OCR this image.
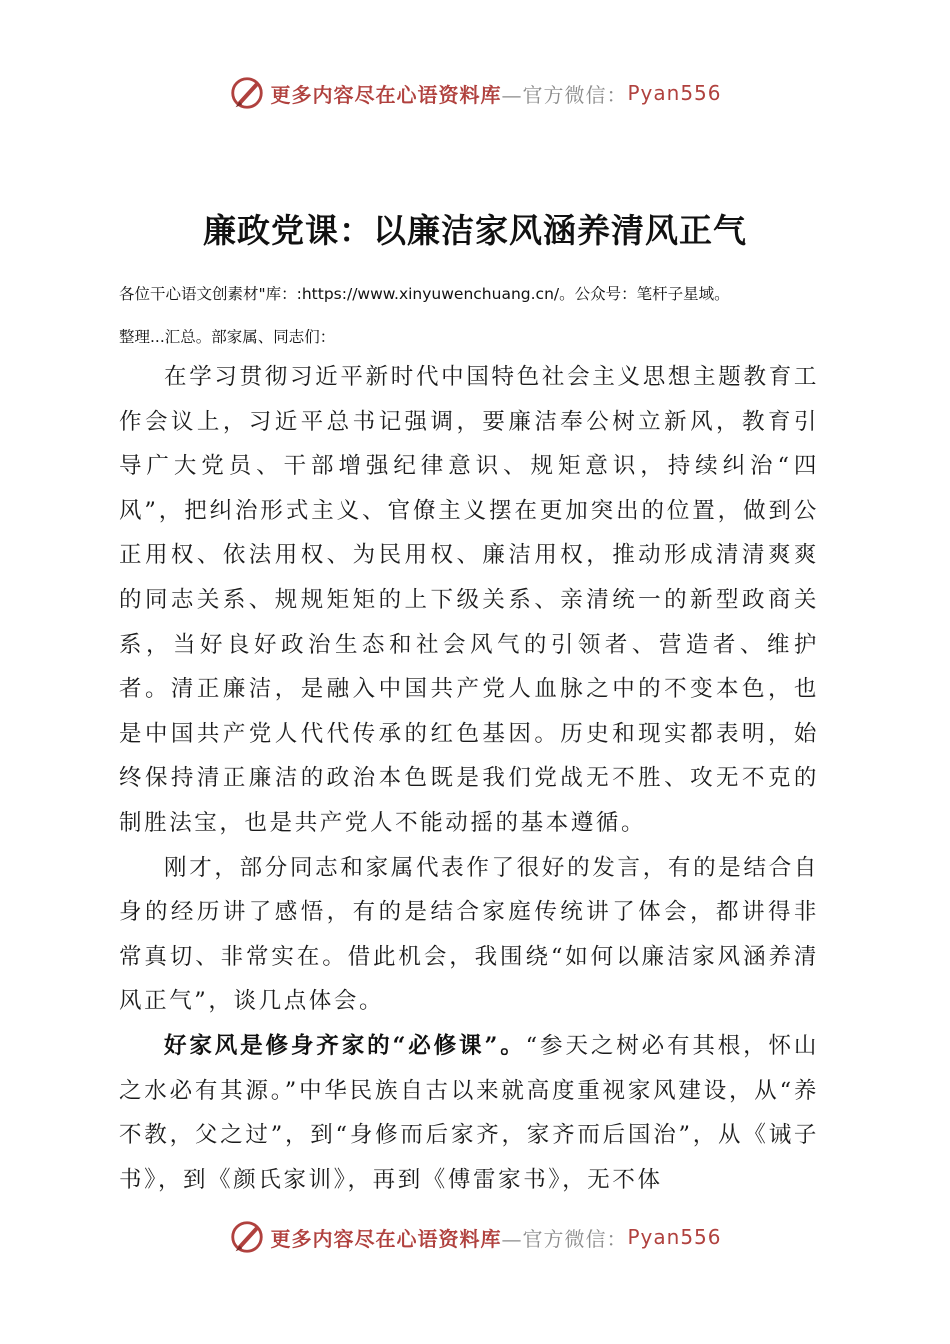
更多内容尽在心语资料库 —官方微信： Pyan556
廉政党课：以廉洁家风涵养清风正气
各位干心语文创素材"库：:https://www.xinyuwenchuang.cn/。公众号：笔杆子星域。
整理...汇总。部家属、同志们：

在学习贯彻习近平新时代中国特色社会主义思想主题教育工作会议上，习近平总书记强调，要廉洁奉公树立新风，教育引导广大党员、干部增强纪律意识、规矩意识，持续纠治“四风”，把纠治形式主义、官僚主义摆在更加突出的位置，做到公正用权、依法用权、为民用权、廉洁用权，推动形成清清爽爽的同志关系、规规矩矩的上下级关系、亲清统一的新型政商关系，当好良好政治生态和社会风气的引领者、营造者、维护者。清正廉洁，是融入中国共产党人血脉之中的不变本色，也是中国共产党人代代传承的红色基因。历史和现实都表明，始终保持清正廉洁的政治本色既是我们党战无不胜、攻无不克的制胜法宝，也是共产党人不能动摇的基本遵循。

刚才，部分同志和家属代表作了很好的发言，有的是结合自身的经历讲了感悟，有的是结合家庭传统讲了体会，都讲得非常真切、非常实在。借此机会，我围绕“如何以廉洁家风涵养清风正气”，谈几点体会。

好家风是修身齐家的“必修课”。“参天之树必有其根，怀山之水必有其源。”中华民族自古以来就高度重视家风建设，从“养不教，父之过”，到“身修而后家齐，家齐而后国治”，从《诫子书》，到《颜氏家训》，再到《傅雷家书》，无不体

更多内容尽在心语资料库 —官方微信： Pyan556
